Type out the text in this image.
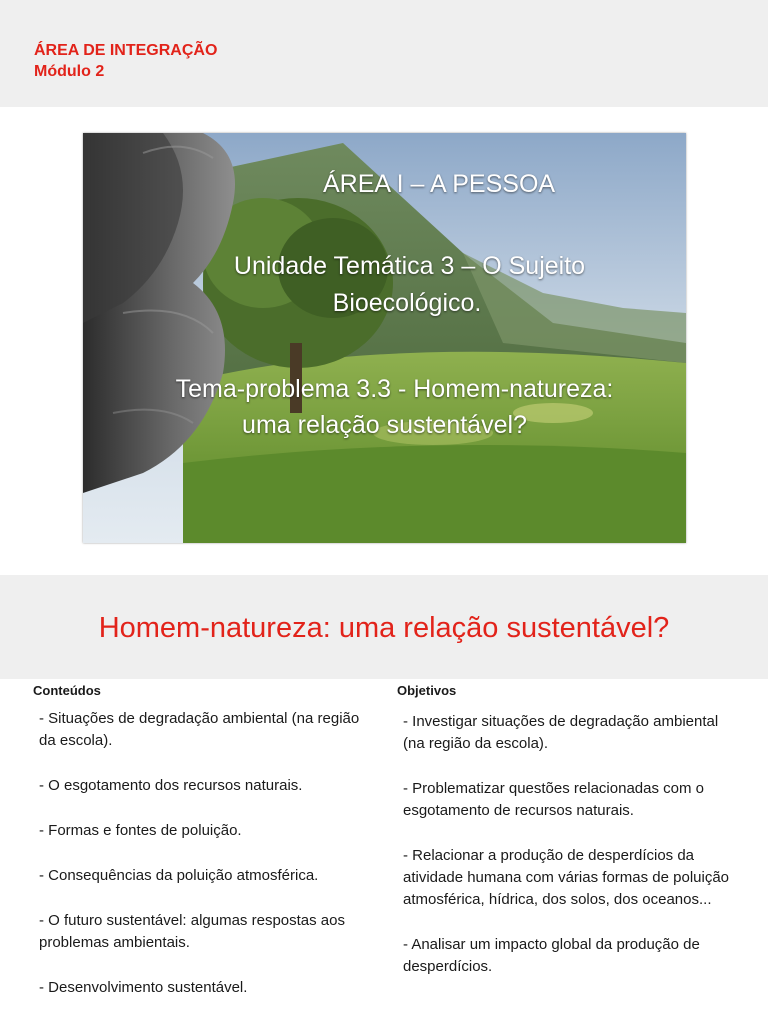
ÁREA DE INTEGRAÇÃO
Módulo 2
ÁREA I – A PESSOA
Unidade Temática 3 – O Sujeito
Bioecológico.
Tema-problema 3.3 - Homem-natureza:
uma relação sustentável?
Homem-natureza: uma relação sustentável?
Conteúdos
- Situações de degradação ambiental (na região da escola).
- O esgotamento dos recursos naturais.
- Formas e fontes de poluição.
- Consequências da poluição atmosférica.
- O futuro sustentável: algumas respostas aos problemas ambientais.
- Desenvolvimento sustentável.
Objetivos
- Investigar situações de degradação ambiental (na região da escola).
- Problematizar questões relacionadas com o esgotamento de recursos naturais.
- Relacionar a produção de desperdícios da atividade humana com várias formas de poluição atmosférica, hídrica, dos solos, dos oceanos...
- Analisar um impacto global da produção de desperdícios.
